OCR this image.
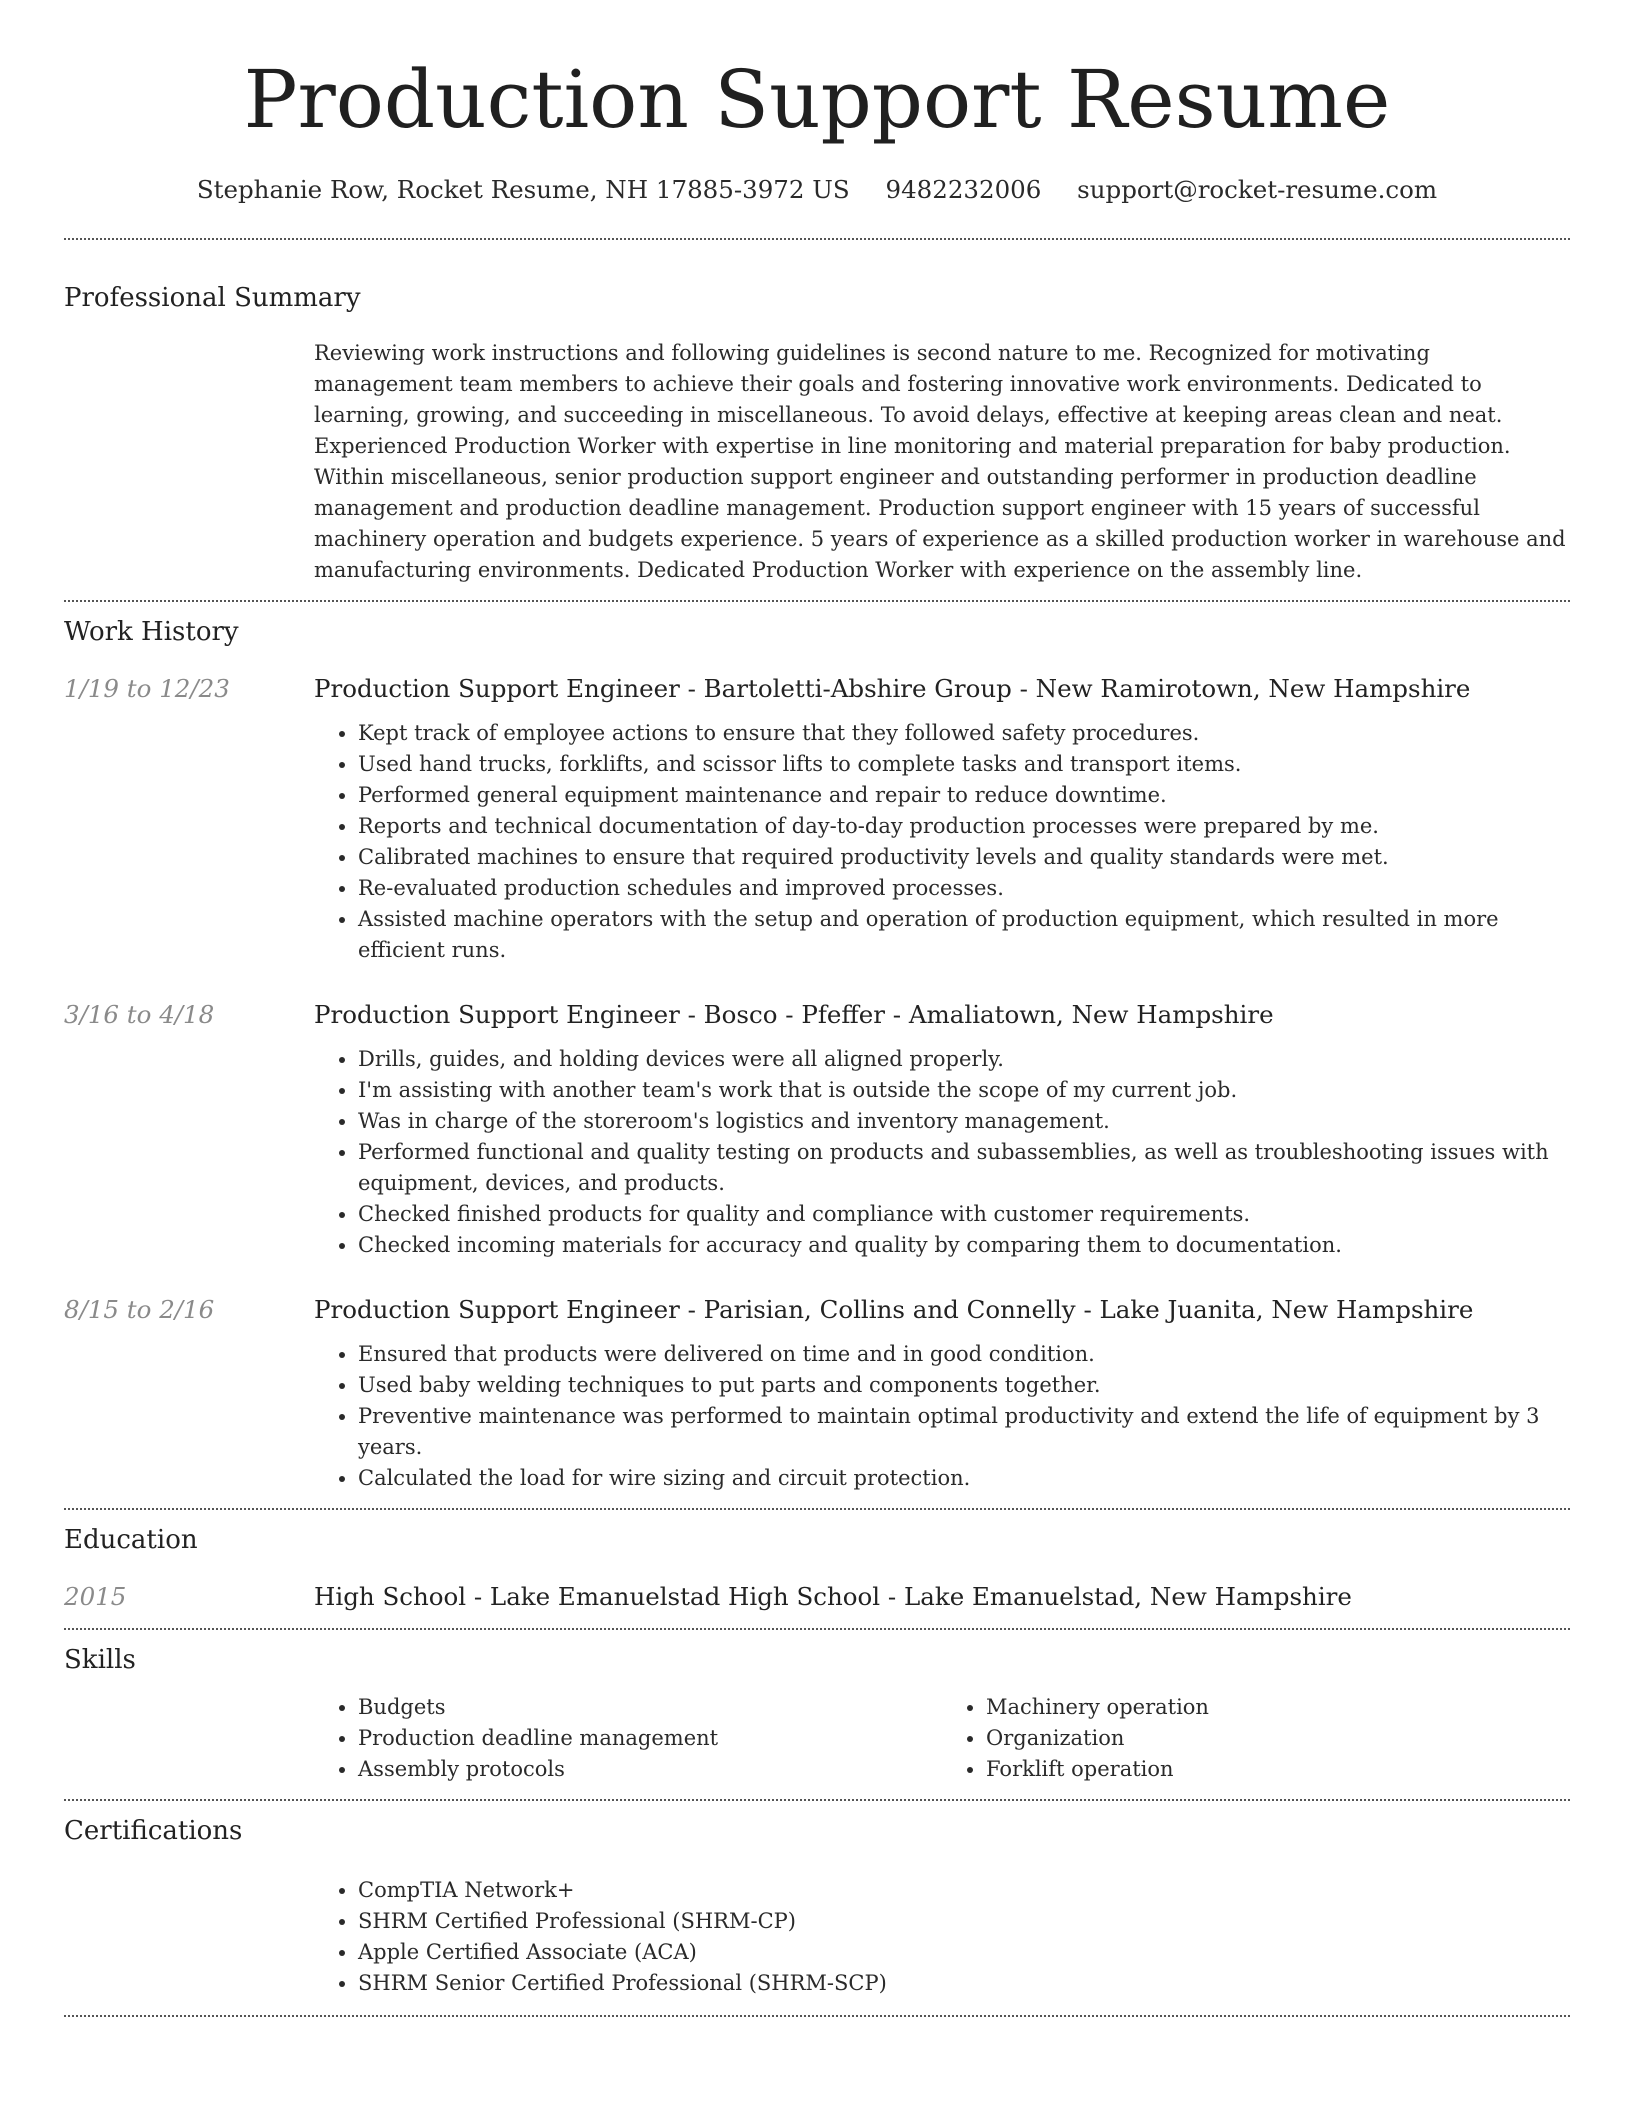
Production Support Resume
Stephanie Row, Rocket Resume, NH 17885-3972 US 9482232006 support@rocket-resume.com
Professional Summary

Reviewing work instructions and following guidelines is second nature to me. Recognized for motivating management team members to achieve their goals and fostering innovative work environments. Dedicated to learning, growing, and succeeding in miscellaneous. To avoid delays, effective at keeping areas clean and neat. Experienced Production Worker with expertise in line monitoring and material preparation for baby production. Within miscellaneous, senior production support engineer and outstanding performer in production deadline management and production deadline management. Production support engineer with 15 years of successful machinery operation and budgets experience. 5 years of experience as a skilled production worker in warehouse and manufacturing environments. Dedicated Production Worker with experience on the assembly line.

Work History
1/19 to 12/23	Production Support Engineer - Bartoletti-Abshire Group - New Ramirotown, New Hampshire
• Kept track of employee actions to ensure that they followed safety procedures.
• Used hand trucks, forklifts, and scissor lifts to complete tasks and transport items.
• Performed general equipment maintenance and repair to reduce downtime.
• Reports and technical documentation of day-to-day production processes were prepared by me.
• Calibrated machines to ensure that required productivity levels and quality standards were met.
• Re-evaluated production schedules and improved processes.
• Assisted machine operators with the setup and operation of production equipment, which resulted in more efficient runs.
3/16 to 4/18	Production Support Engineer - Bosco - Pfeffer - Amaliatown, New Hampshire
• Drills, guides, and holding devices were all aligned properly.
• I'm assisting with another team's work that is outside the scope of my current job.
• Was in charge of the storeroom's logistics and inventory management.
• Performed functional and quality testing on products and subassemblies, as well as troubleshooting issues with equipment, devices, and products.
• Checked finished products for quality and compliance with customer requirements.
• Checked incoming materials for accuracy and quality by comparing them to documentation.
8/15 to 2/16	Production Support Engineer - Parisian, Collins and Connelly - Lake Juanita, New Hampshire
• Ensured that products were delivered on time and in good condition.
• Used baby welding techniques to put parts and components together.
• Preventive maintenance was performed to maintain optimal productivity and extend the life of equipment by 3 years.
• Calculated the load for wire sizing and circuit protection.
Education
2015	High School - Lake Emanuelstad High School - Lake Emanuelstad, New Hampshire
Skills
• Budgets
• Production deadline management
• Assembly protocols
• Machinery operation
• Organization
• Forklift operation
Certifications
• CompTIA Network+
• SHRM Certified Professional (SHRM-CP)
• Apple Certified Associate (ACA)
• SHRM Senior Certified Professional (SHRM-SCP)
